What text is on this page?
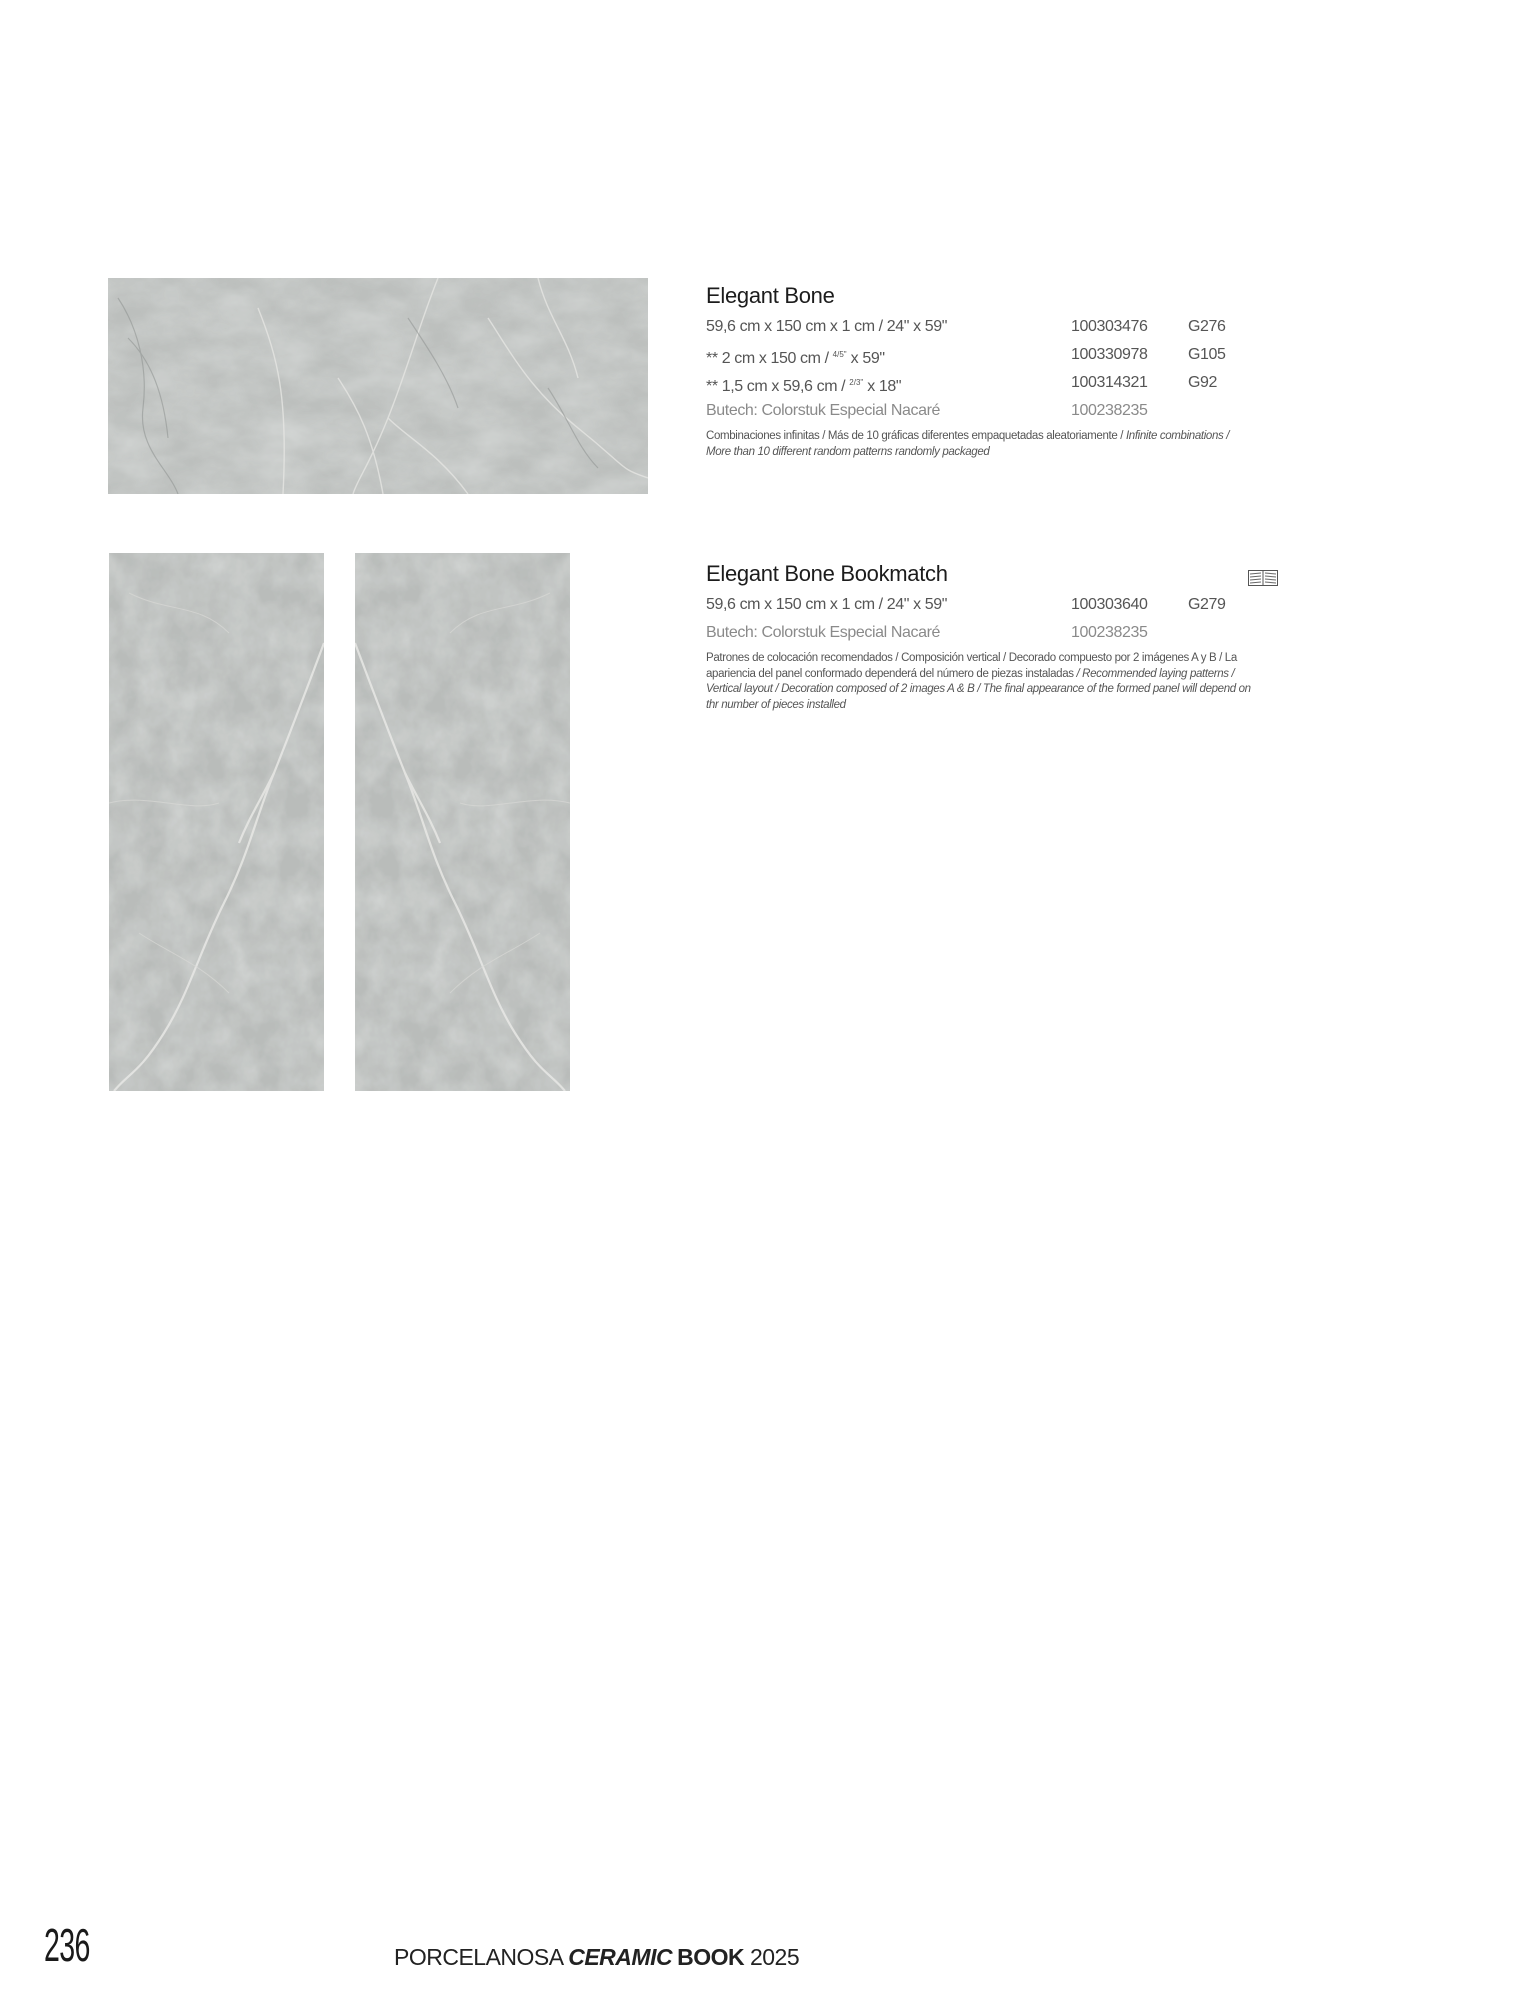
Elegant Bone
59,6 cm x 150 cm x 1 cm / 24" x 59"	100303476	G276
** 2 cm x 150 cm / $^{4/5"}$ x 59"	100330978	G105
** 1,5 cm x 59,6 cm / $^{2/3"}$ x 18"	100314321	G92
Butech: Colorstuk Especial Nacaré	100238235

Combinaciones infinitas / Más de 10 gráficas diferentes empaquetadas aleatoriamente / Infinite combinations / More than 10 different random patterns randomly packaged

Elegant Bone Bookmatch
59,6 cm x 150 cm x 1 cm / 24" x 59"	100303640	G279
Butech: Colorstuk Especial Nacaré	100238235

Patrones de colocación recomendados / Composición vertical / Decorado compuesto por 2 imágenes A y B / La apariencia del panel conformado dependerá del número de piezas instaladas / Recommended laying patterns / Vertical layout / Decoration composed of 2 images A & B / The final appearance of the formed panel will depend on thr number of pieces installed

236	PORCELANOSA CERAMIC BOOK 2025
